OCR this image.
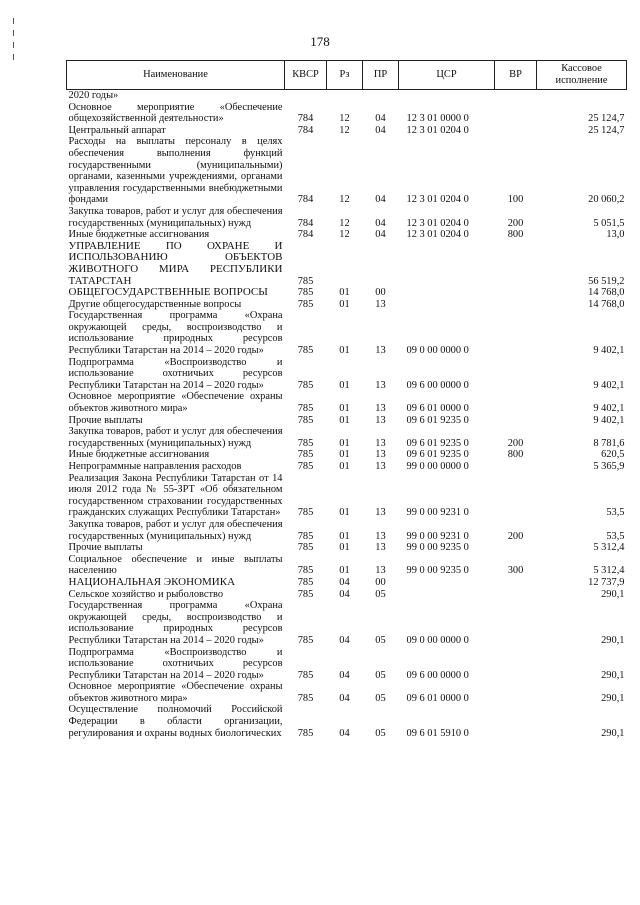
178
Наименование	КВСР	Рз	ПР	ЦСР	ВР	Кассовое исполнение
2020 годы»						
Основное мероприятие «Обеспечение общехозяйственной деятельности»	784	12	04	12 3 01 0000 0		25 124,7
Центральный аппарат	784	12	04	12 3 01 0204 0		25 124,7
Расходы на выплаты персоналу в целях обеспечения выполнения функций государственными (муниципальными) органами, казенными учреждениями, органами управления государственными внебюджетными фондами	784	12	04	12 3 01 0204 0	100	20 060,2
Закупка товаров, работ и услуг для обеспечения государственных (муниципальных) нужд	784	12	04	12 3 01 0204 0	200	5 051,5
Иные бюджетные ассигнования	784	12	04	12 3 01 0204 0	800	13,0
УПРАВЛЕНИЕ ПО ОХРАНЕ И ИСПОЛЬЗОВАНИЮ ОБЪЕКТОВ ЖИВОТНОГО МИРА РЕСПУБЛИКИ ТАТАРСТАН	785					56 519,2
ОБЩЕГОСУДАРСТВЕННЫЕ ВОПРОСЫ	785	01	00			14 768,0
Другие общегосударственные вопросы	785	01	13			14 768,0
Государственная программа «Охрана окружающей среды, воспроизводство и использование природных ресурсов Республики Татарстан на 2014 – 2020 годы»	785	01	13	09 0 00 0000 0		9 402,1
Подпрограмма «Воспроизводство и использование охотничьих ресурсов Республики Татарстан на 2014 – 2020 годы»	785	01	13	09 6 00 0000 0		9 402,1
Основное мероприятие «Обеспечение охраны объектов животного мира»	785	01	13	09 6 01 0000 0		9 402,1
Прочие выплаты	785	01	13	09 6 01 9235 0		9 402,1
Закупка товаров, работ и услуг для обеспечения государственных (муниципальных) нужд	785	01	13	09 6 01 9235 0	200	8 781,6
Иные бюджетные ассигнования	785	01	13	09 6 01 9235 0	800	620,5
Непрограммные направления расходов	785	01	13	99 0 00 0000 0		5 365,9
Реализация Закона Республики Татарстан от 14 июля 2012 года № 55-ЗРТ «Об обязательном государственном страховании государственных гражданских служащих Республики Татарстан»	785	01	13	99 0 00 9231 0		53,5
Закупка товаров, работ и услуг для обеспечения государственных (муниципальных) нужд	785	01	13	99 0 00 9231 0	200	53,5
Прочие выплаты	785	01	13	99 0 00 9235 0		5 312,4
Социальное обеспечение и иные выплаты населению	785	01	13	99 0 00 9235 0	300	5 312,4
НАЦИОНАЛЬНАЯ ЭКОНОМИКА	785	04	00			12 737,9
Сельское хозяйство и рыболовство	785	04	05			290,1
Государственная программа «Охрана окружающей среды, воспроизводство и использование природных ресурсов Республики Татарстан на 2014 – 2020 годы»	785	04	05	09 0 00 0000 0		290,1
Подпрограмма «Воспроизводство и использование охотничьих ресурсов Республики Татарстан на 2014 – 2020 годы»	785	04	05	09 6 00 0000 0		290,1
Основное мероприятие «Обеспечение охраны объектов животного мира»	785	04	05	09 6 01 0000 0		290,1
Осуществление полномочий Российской Федерации в области организации, регулирования и охраны водных биологических	785	04	05	09 6 01 5910 0		290,1
